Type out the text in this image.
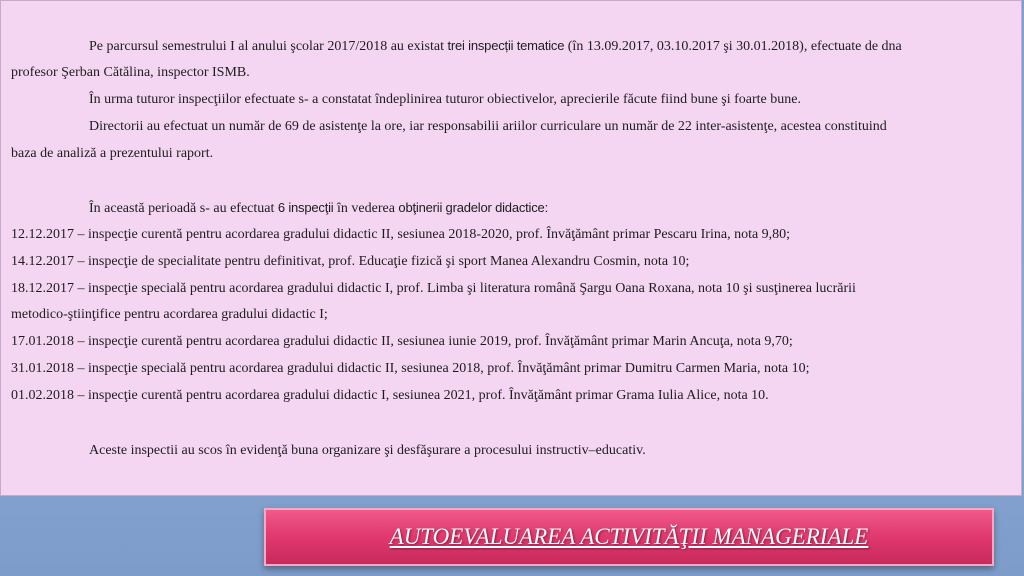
Pe parcursul semestrului I al anului şcolar 2017/2018 au existat trei inspecții tematice (în 13.09.2017, 03.10.2017 şi 30.01.2018), efectuate de dna
profesor Şerban Cătălina, inspector ISMB.
În urma tuturor inspecţiilor efectuate s- a constatat îndeplinirea tuturor obiectivelor, aprecierile făcute fiind bune şi foarte bune.
Directorii au efectuat un număr de 69 de asistenţe la ore, iar responsabilii ariilor curriculare un număr de 22 inter-asistenţe, acestea constituind
baza de analiză a prezentului raport.
În această perioadă s- au efectuat 6 inspecţii în vederea obţinerii gradelor didactice:
12.12.2017 – inspecţie curentă pentru acordarea gradului didactic II, sesiunea 2018-2020, prof. Învăţământ primar Pescaru Irina, nota 9,80;
14.12.2017 – inspecţie de specialitate pentru definitivat, prof. Educaţie fizică şi sport Manea Alexandru Cosmin, nota 10;
18.12.2017 – inspecţie specială pentru acordarea gradului didactic I, prof. Limba şi literatura română Şargu Oana Roxana, nota 10 şi susţinerea lucrării
metodico-ştiinţifice pentru acordarea gradului didactic I;
17.01.2018 – inspecţie curentă pentru acordarea gradului didactic II, sesiunea iunie 2019, prof. Învăţământ primar Marin Ancuţa, nota 9,70;
31.01.2018 – inspecţie specială pentru acordarea gradului didactic II, sesiunea 2018, prof. Învăţământ primar Dumitru Carmen Maria, nota 10;
01.02.2018 – inspecţie curentă pentru acordarea gradului didactic I, sesiunea 2021, prof. Învăţământ primar Grama Iulia Alice, nota 10.
Aceste inspectii au scos în evidenţă buna organizare şi desfăşurare a procesului instructiv–educativ.
AUTOEVALUAREA ACTIVITĂŢII MANAGERIALE
